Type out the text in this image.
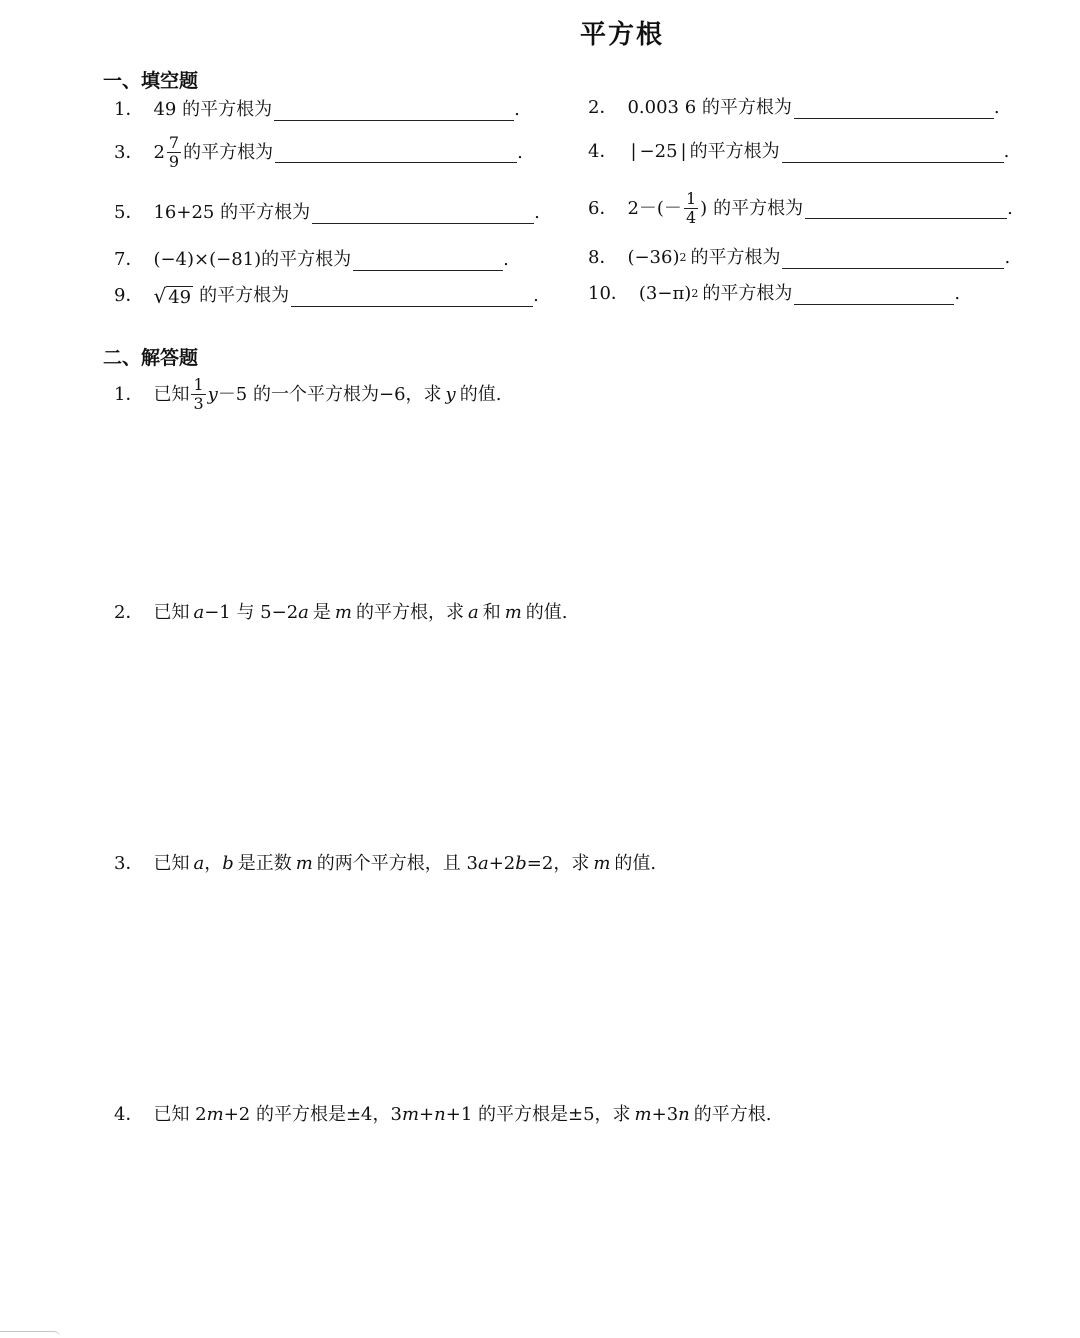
平方根
一、填空题
1． 49 的平方根为	.	2． 0.003 6 的平方根为	.
3． $2 \frac{7}{9}$ 的平方根为	.	4． | −25 | 的平方根为	.
5． 16+25 的平方根为	.	6． $2-(- \frac{1}{4}$ ) 的平方根为	.
7． (−4)×(−81)的平方根为	.	8． (−36) 2 的平方根为	.
9． √ 49 的平方根为	.	10． (3−π) 2 的平方根为	.
二、解答题
1． 已知 $\frac{1}{3}$ y －5 的一个平方根为−6，求 y 的值.
2． 已知 a −1 与 5−2 a 是 m 的平方根，求 a 和 m 的值.
3． 已知 a ， b 是正数 m 的两个平方根，且 3 a +2 b =2，求 m 的值.
4． 已知 2 m +2 的平方根是±4，3 m + n +1 的平方根是±5，求 m +3 n 的平方根.
